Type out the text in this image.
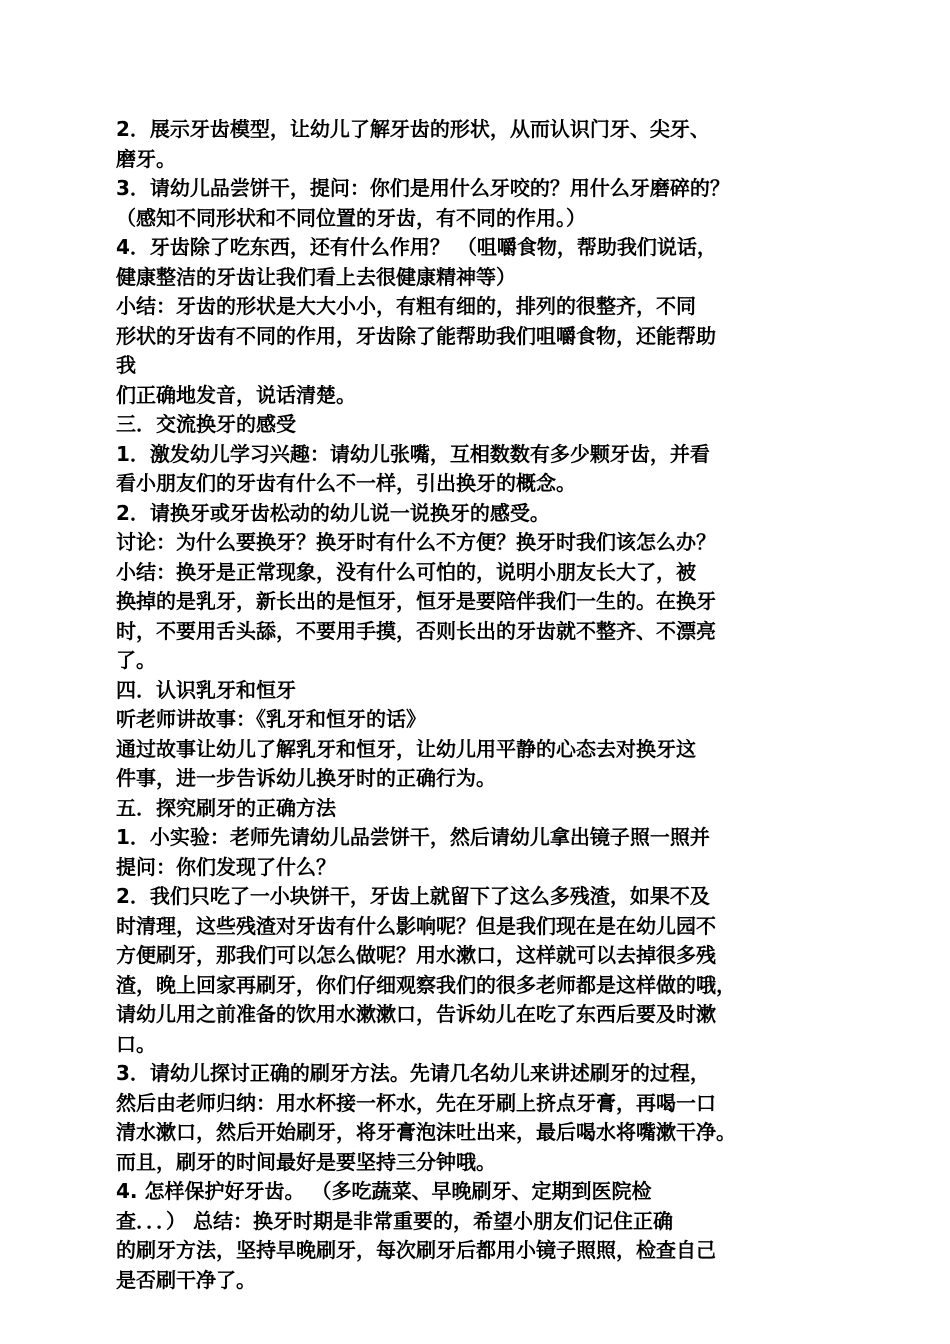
2．展示牙齿模型，让幼儿了解牙齿的形状，从而认识门牙、尖牙、
磨牙。
3．请幼儿品尝饼干，提问：你们是用什么牙咬的？用什么牙磨碎的？
（感知不同形状和不同位置的牙齿，有不同的作用。）
4．牙齿除了吃东西，还有什么作用？ （咀嚼食物，帮助我们说话，
健康整洁的牙齿让我们看上去很健康精神等）
小结：牙齿的形状是大大小小，有粗有细的，排列的很整齐，不同
形状的牙齿有不同的作用，牙齿除了能帮助我们咀嚼食物，还能帮助
我
们正确地发音，说话清楚。
三．交流换牙的感受
1．激发幼儿学习兴趣：请幼儿张嘴，互相数数有多少颗牙齿，并看
看小朋友们的牙齿有什么不一样，引出换牙的概念。
2．请换牙或牙齿松动的幼儿说一说换牙的感受。
讨论：为什么要换牙？换牙时有什么不方便？换牙时我们该怎么办？
小结：换牙是正常现象，没有什么可怕的，说明小朋友长大了，被
换掉的是乳牙，新长出的是恒牙，恒牙是要陪伴我们一生的。在换牙
时，不要用舌头舔，不要用手摸，否则长出的牙齿就不整齐、不漂亮
了。
四．认识乳牙和恒牙
听老师讲故事：《乳牙和恒牙的话》
通过故事让幼儿了解乳牙和恒牙，让幼儿用平静的心态去对换牙这
件事，进一步告诉幼儿换牙时的正确行为。
五．探究刷牙的正确方法
1．小实验：老师先请幼儿品尝饼干，然后请幼儿拿出镜子照一照并
提问：你们发现了什么？
2．我们只吃了一小块饼干，牙齿上就留下了这么多残渣，如果不及
时清理，这些残渣对牙齿有什么影响呢？但是我们现在是在幼儿园不
方便刷牙，那我们可以怎么做呢？用水漱口，这样就可以去掉很多残
渣，晚上回家再刷牙，你们仔细观察我们的很多老师都是这样做的哦，
请幼儿用之前准备的饮用水漱漱口，告诉幼儿在吃了东西后要及时漱
口。
3．请幼儿探讨正确的刷牙方法。先请几名幼儿来讲述刷牙的过程，
然后由老师归纳：用水杯接一杯水，先在牙刷上挤点牙膏，再喝一口
清水漱口，然后开始刷牙，将牙膏泡沫吐出来，最后喝水将嘴漱干净。
而且，刷牙的时间最好是要坚持三分钟哦。
4. 怎样保护好牙齿。 （多吃蔬菜、早晚刷牙、定期到医院检
查．．．） 总结：换牙时期是非常重要的，希望小朋友们记住正确
的刷牙方法，坚持早晚刷牙，每次刷牙后都用小镜子照照，检查自己
是否刷干净了。
